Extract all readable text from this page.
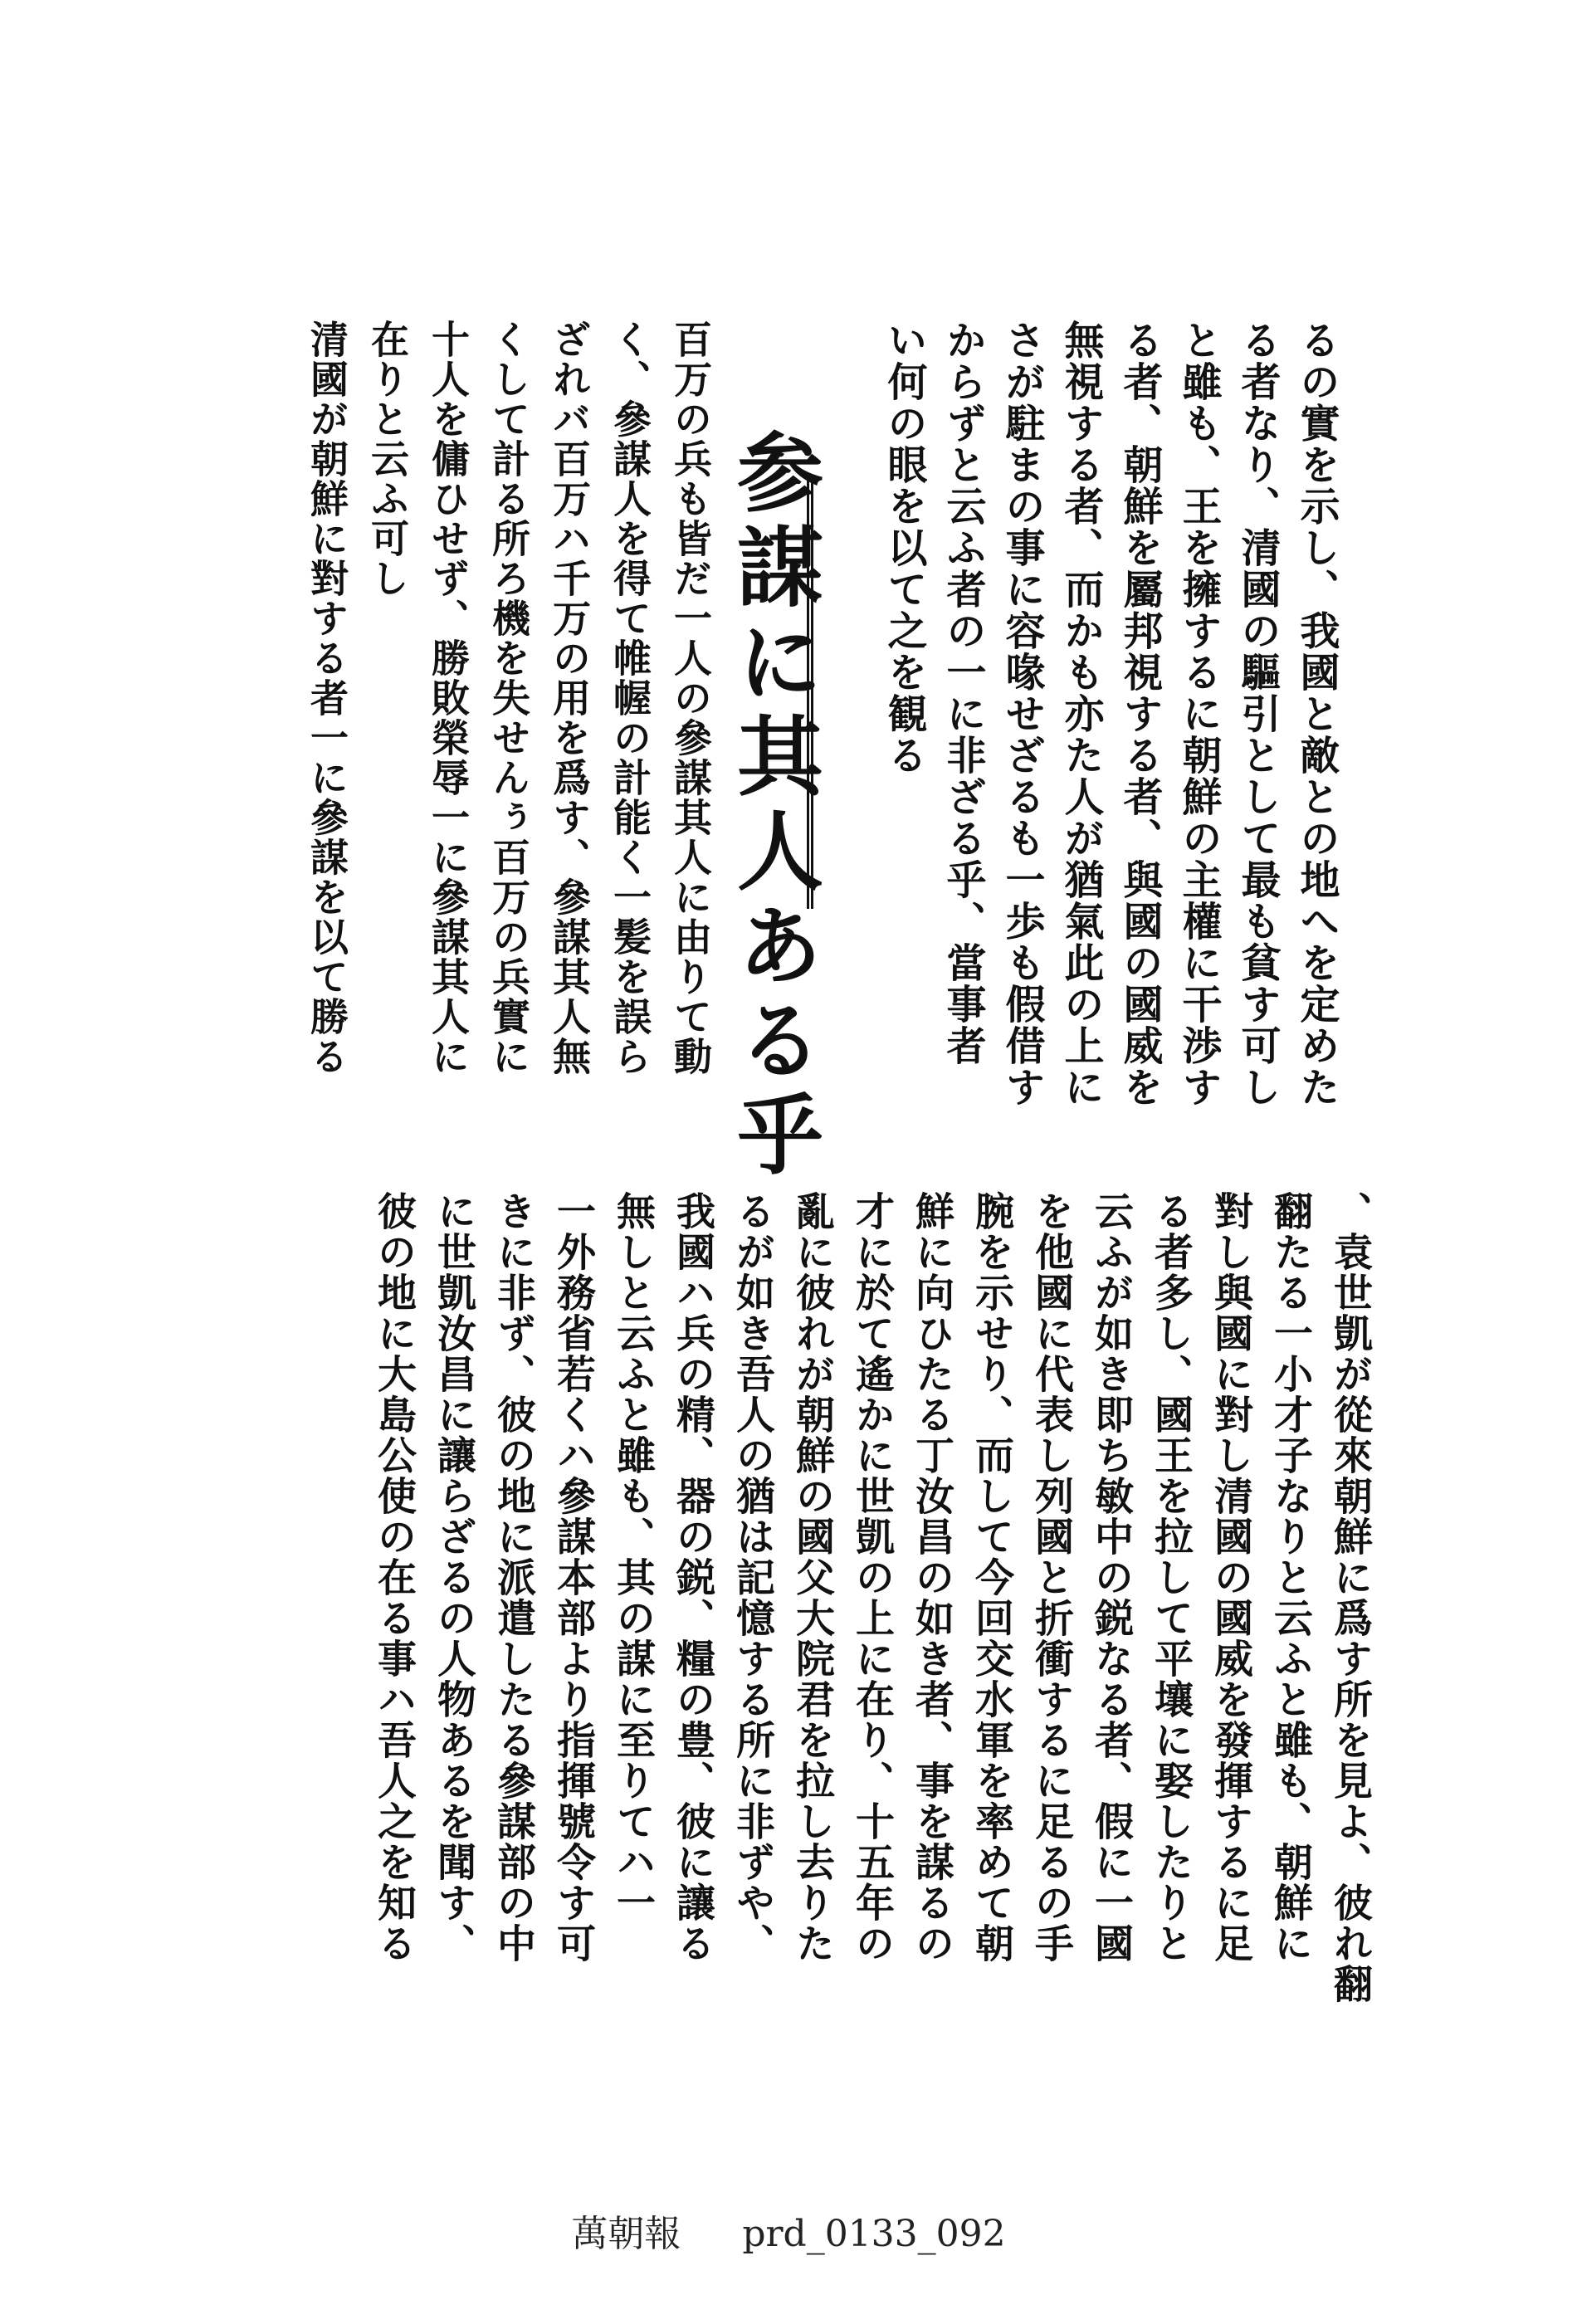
るの實を示し、我國と敵との地へを定めた
る者なり、清國の驅引として最も貧す可し
と雖も、王を擁するに朝鮮の主權に干渉す
る者、朝鮮を屬邦視する者、與國の國威を
無視する者、而かも亦た人が猶氣此の上に
さが駐まの事に容喙せざるも一歩も假借す
からずと云ふ者の一に非ざる乎、當事者
い何の眼を以て之を観る
参謀に其人ある乎
百万の兵も皆だ一人の參謀其人に由りて動
く、參謀人を得て帷幄の計能く一髪を誤ら
ざれバ百万ハ千万の用を爲す、參謀其人無
くして計る所ろ機を失せんぅ百万の兵實に
十人を傭ひせず、勝敗榮辱一に參謀其人に
在りと云ふ可し
清國が朝鮮に對する者一に參謀を以て勝る
、袁世凱が從來朝鮮に爲す所を見よ、彼れ翻
翻たる一小才子なりと云ふと雖も、朝鮮に
對し與國に對し清國の國威を發揮するに足
る者多し、國王を拉して平壤に娶したりと
云ふが如き即ち敏中の鋭なる者、假に一國
を他國に代表し列國と折衝するに足るの手
腕を示せり、而して今回交水軍を率めて朝
鮮に向ひたる丁汝昌の如き者、事を謀るの
才に於て遙かに世凱の上に在り、十五年の
亂に彼れが朝鮮の國父大院君を拉し去りた
るが如き吾人の猶は記憶する所に非ずや、
我國ハ兵の精、器の鋭、糧の豊、彼に讓る
無しと云ふと雖も、其の謀に至りてハ一
一外務省若くハ參謀本部より指揮號令す可
きに非ず、彼の地に派遣したる參謀部の中
に世凱汝昌に讓らざるの人物あるを聞す、
彼の地に大島公使の在る事ハ吾人之を知る
萬朝報 prd_0133_092
